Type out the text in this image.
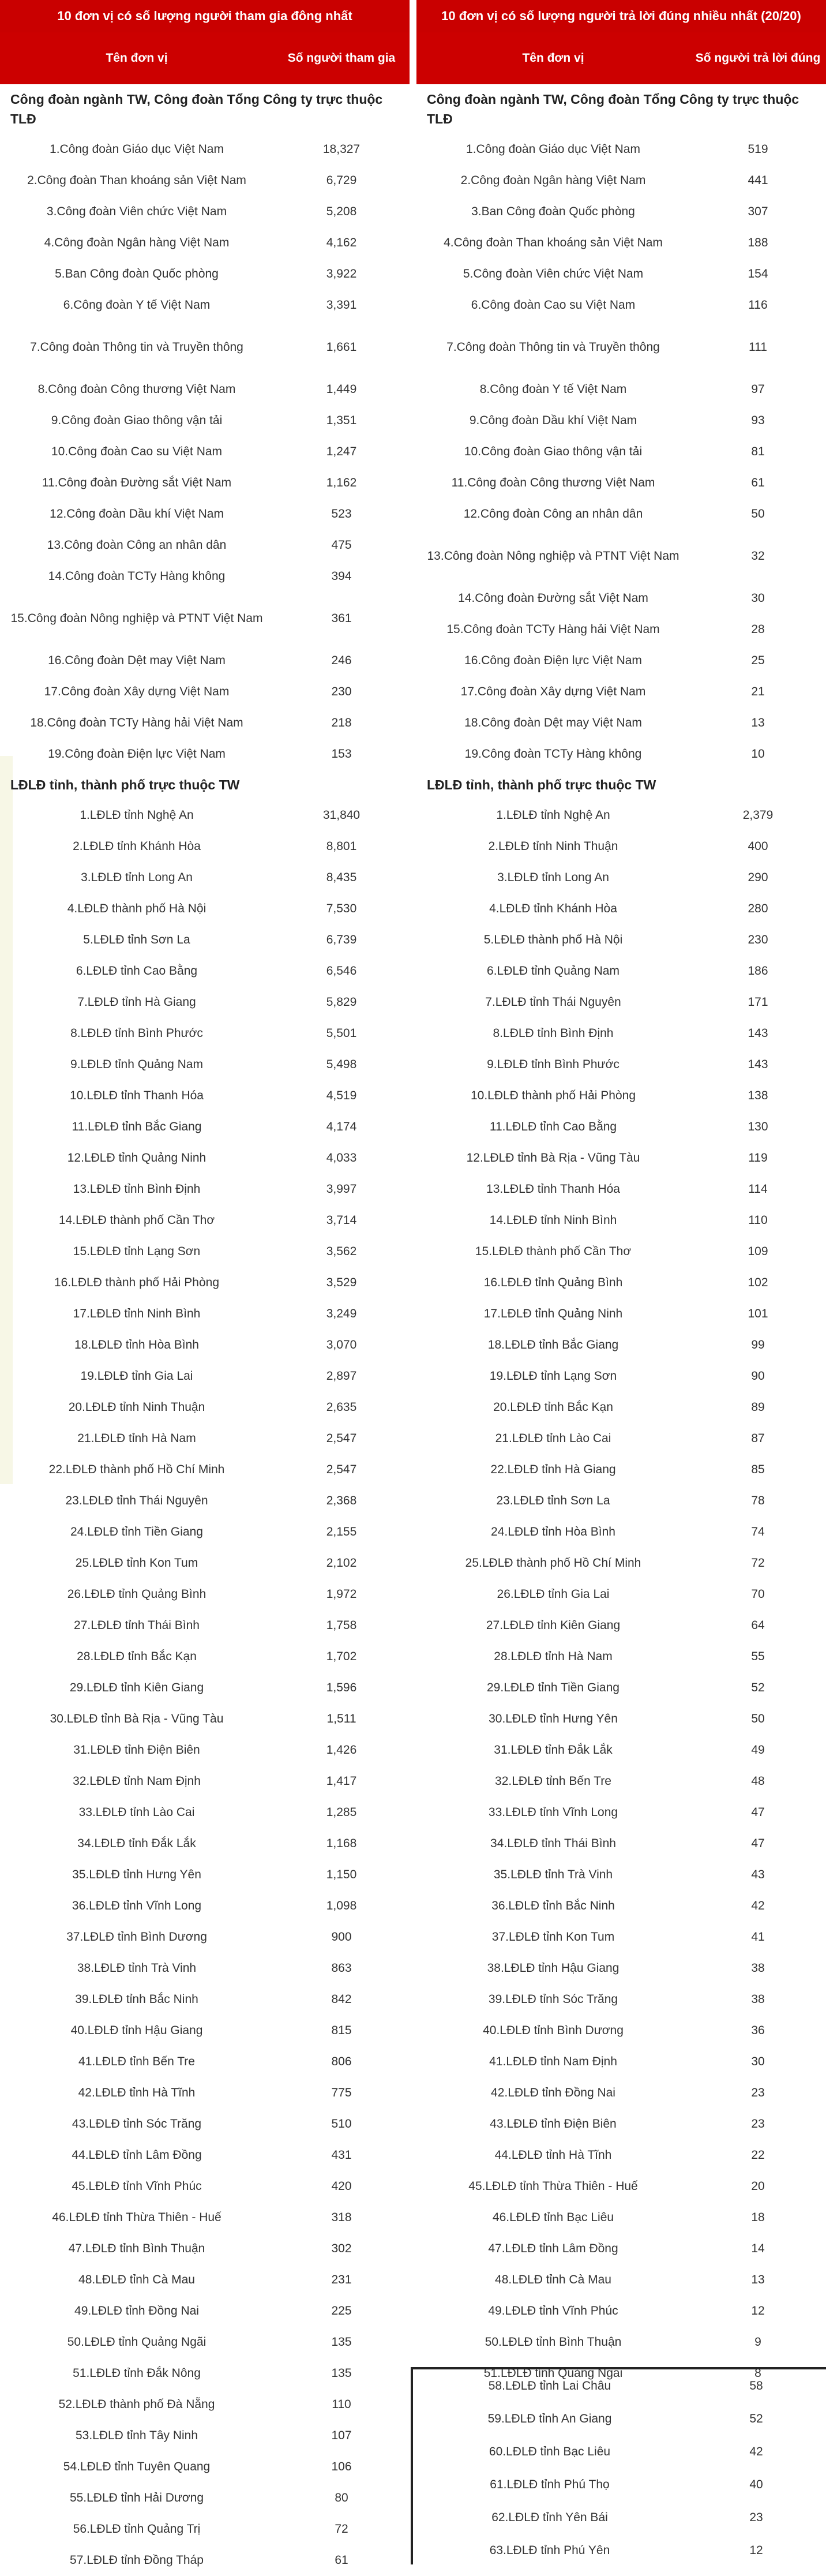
10 đơn vị có số lượng người tham gia đông nhất
Tên đơn vị	Số người tham gia
Công đoàn ngành TW, Công đoàn Tổng Công ty trực thuộc TLĐ
1.Công đoàn Giáo dục Việt Nam	18,327
2.Công đoàn Than khoáng sản Việt Nam	6,729
3.Công đoàn Viên chức Việt Nam	5,208
4.Công đoàn Ngân hàng Việt Nam	4,162
5.Ban Công đoàn Quốc phòng	3,922
6.Công đoàn Y tế Việt Nam	3,391
7.Công đoàn Thông tin và Truyền thông	1,661
8.Công đoàn Công thương Việt Nam	1,449
9.Công đoàn Giao thông vận tải	1,351
10.Công đoàn Cao su Việt Nam	1,247
11.Công đoàn Đường sắt Việt Nam	1,162
12.Công đoàn Dầu khí Việt Nam	523
13.Công đoàn Công an nhân dân	475
14.Công đoàn TCTy Hàng không	394
15.Công đoàn Nông nghiệp và PTNT Việt Nam	361
16.Công đoàn Dệt may Việt Nam	246
17.Công đoàn Xây dựng Việt Nam	230
18.Công đoàn TCTy Hàng hải Việt Nam	218
19.Công đoàn Điện lực Việt Nam	153
LĐLĐ tỉnh, thành phố trực thuộc TW
1.LĐLĐ tỉnh Nghệ An	31,840
2.LĐLĐ tỉnh Khánh Hòa	8,801
3.LĐLĐ tỉnh Long An	8,435
4.LĐLĐ thành phố Hà Nội	7,530
5.LĐLĐ tỉnh Sơn La	6,739
6.LĐLĐ tỉnh Cao Bằng	6,546
7.LĐLĐ tỉnh Hà Giang	5,829
8.LĐLĐ tỉnh Bình Phước	5,501
9.LĐLĐ tỉnh Quảng Nam	5,498
10.LĐLĐ tỉnh Thanh Hóa	4,519
11.LĐLĐ tỉnh Bắc Giang	4,174
12.LĐLĐ tỉnh Quảng Ninh	4,033
13.LĐLĐ tỉnh Bình Định	3,997
14.LĐLĐ thành phố Cần Thơ	3,714
15.LĐLĐ tỉnh Lạng Sơn	3,562
16.LĐLĐ thành phố Hải Phòng	3,529
17.LĐLĐ tỉnh Ninh Bình	3,249
18.LĐLĐ tỉnh Hòa Bình	3,070
19.LĐLĐ tỉnh Gia Lai	2,897
20.LĐLĐ tỉnh Ninh Thuận	2,635
21.LĐLĐ tỉnh Hà Nam	2,547
22.LĐLĐ thành phố Hồ Chí Minh	2,547
23.LĐLĐ tỉnh Thái Nguyên	2,368
24.LĐLĐ tỉnh Tiền Giang	2,155
25.LĐLĐ tỉnh Kon Tum	2,102
26.LĐLĐ tỉnh Quảng Bình	1,972
27.LĐLĐ tỉnh Thái Bình	1,758
28.LĐLĐ tỉnh Bắc Kạn	1,702
29.LĐLĐ tỉnh Kiên Giang	1,596
30.LĐLĐ tỉnh Bà Rịa - Vũng Tàu	1,511
31.LĐLĐ tỉnh Điện Biên	1,426
32.LĐLĐ tỉnh Nam Định	1,417
33.LĐLĐ tỉnh Lào Cai	1,285
34.LĐLĐ tỉnh Đắk Lắk	1,168
35.LĐLĐ tỉnh Hưng Yên	1,150
36.LĐLĐ tỉnh Vĩnh Long	1,098
37.LĐLĐ tỉnh Bình Dương	900
38.LĐLĐ tỉnh Trà Vinh	863
39.LĐLĐ tỉnh Bắc Ninh	842
40.LĐLĐ tỉnh Hậu Giang	815
41.LĐLĐ tỉnh Bến Tre	806
42.LĐLĐ tỉnh Hà Tĩnh	775
43.LĐLĐ tỉnh Sóc Trăng	510
44.LĐLĐ tỉnh Lâm Đồng	431
45.LĐLĐ tỉnh Vĩnh Phúc	420
46.LĐLĐ tỉnh Thừa Thiên - Huế	318
47.LĐLĐ tỉnh Bình Thuận	302
48.LĐLĐ tỉnh Cà Mau	231
49.LĐLĐ tỉnh Đồng Nai	225
50.LĐLĐ tỉnh Quảng Ngãi	135
51.LĐLĐ tỉnh Đắk Nông	135
52.LĐLĐ thành phố Đà Nẵng	110
53.LĐLĐ tỉnh Tây Ninh	107
54.LĐLĐ tỉnh Tuyên Quang	106
55.LĐLĐ tỉnh Hải Dương	80
56.LĐLĐ tỉnh Quảng Trị	72
57.LĐLĐ tỉnh Đồng Tháp	61
10 đơn vị có số lượng người trả lời đúng nhiều nhất (20/20)
Tên đơn vị	Số người trả lời đúng
Công đoàn ngành TW, Công đoàn Tổng Công ty trực thuộc TLĐ
1.Công đoàn Giáo dục Việt Nam	519
2.Công đoàn Ngân hàng Việt Nam	441
3.Ban Công đoàn Quốc phòng	307
4.Công đoàn Than khoáng sản Việt Nam	188
5.Công đoàn Viên chức Việt Nam	154
6.Công đoàn Cao su Việt Nam	116
7.Công đoàn Thông tin và Truyền thông	111
8.Công đoàn Y tế Việt Nam	97
9.Công đoàn Dầu khí Việt Nam	93
10.Công đoàn Giao thông vận tải	81
11.Công đoàn Công thương Việt Nam	61
12.Công đoàn Công an nhân dân	50
13.Công đoàn Nông nghiệp và PTNT Việt Nam	32
14.Công đoàn Đường sắt Việt Nam	30
15.Công đoàn TCTy Hàng hải Việt Nam	28
16.Công đoàn Điện lực Việt Nam	25
17.Công đoàn Xây dựng Việt Nam	21
18.Công đoàn Dệt may Việt Nam	13
19.Công đoàn TCTy Hàng không	10
LĐLĐ tỉnh, thành phố trực thuộc TW
1.LĐLĐ tỉnh Nghệ An	2,379
2.LĐLĐ tỉnh Ninh Thuận	400
3.LĐLĐ tỉnh Long An	290
4.LĐLĐ tỉnh Khánh Hòa	280
5.LĐLĐ thành phố Hà Nội	230
6.LĐLĐ tỉnh Quảng Nam	186
7.LĐLĐ tỉnh Thái Nguyên	171
8.LĐLĐ tỉnh Bình Định	143
9.LĐLĐ tỉnh Bình Phước	143
10.LĐLĐ thành phố Hải Phòng	138
11.LĐLĐ tỉnh Cao Bằng	130
12.LĐLĐ tỉnh Bà Rịa - Vũng Tàu	119
13.LĐLĐ tỉnh Thanh Hóa	114
14.LĐLĐ tỉnh Ninh Bình	110
15.LĐLĐ thành phố Cần Thơ	109
16.LĐLĐ tỉnh Quảng Bình	102
17.LĐLĐ tỉnh Quảng Ninh	101
18.LĐLĐ tỉnh Bắc Giang	99
19.LĐLĐ tỉnh Lạng Sơn	90
20.LĐLĐ tỉnh Bắc Kạn	89
21.LĐLĐ tỉnh Lào Cai	87
22.LĐLĐ tỉnh Hà Giang	85
23.LĐLĐ tỉnh Sơn La	78
24.LĐLĐ tỉnh Hòa Bình	74
25.LĐLĐ thành phố Hồ Chí Minh	72
26.LĐLĐ tỉnh Gia Lai	70
27.LĐLĐ tỉnh Kiên Giang	64
28.LĐLĐ tỉnh Hà Nam	55
29.LĐLĐ tỉnh Tiền Giang	52
30.LĐLĐ tỉnh Hưng Yên	50
31.LĐLĐ tỉnh Đắk Lắk	49
32.LĐLĐ tỉnh Bến Tre	48
33.LĐLĐ tỉnh Vĩnh Long	47
34.LĐLĐ tỉnh Thái Bình	47
35.LĐLĐ tỉnh Trà Vinh	43
36.LĐLĐ tỉnh Bắc Ninh	42
37.LĐLĐ tỉnh Kon Tum	41
38.LĐLĐ tỉnh Hậu Giang	38
39.LĐLĐ tỉnh Sóc Trăng	38
40.LĐLĐ tỉnh Bình Dương	36
41.LĐLĐ tỉnh Nam Định	30
42.LĐLĐ tỉnh Đồng Nai	23
43.LĐLĐ tỉnh Điện Biên	23
44.LĐLĐ tỉnh Hà Tĩnh	22
45.LĐLĐ tỉnh Thừa Thiên - Huế	20
46.LĐLĐ tỉnh Bạc Liêu	18
47.LĐLĐ tỉnh Lâm Đồng	14
48.LĐLĐ tỉnh Cà Mau	13
49.LĐLĐ tỉnh Vĩnh Phúc	12
50.LĐLĐ tỉnh Bình Thuận	9
51.LĐLĐ tỉnh Quảng Ngãi	8
58.LĐLĐ tỉnh Lai Châu	58
59.LĐLĐ tỉnh An Giang	52
60.LĐLĐ tỉnh Bạc Liêu	42
61.LĐLĐ tỉnh Phú Thọ	40
62.LĐLĐ tỉnh Yên Bái	23
63.LĐLĐ tỉnh Phú Yên	12
